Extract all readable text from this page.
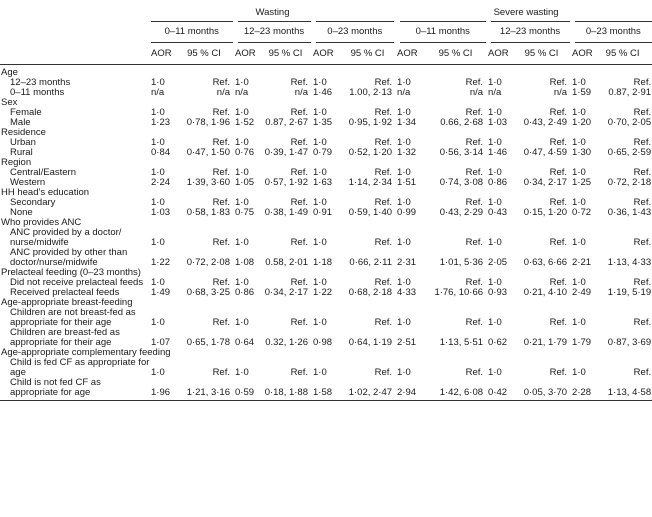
	Wasting						Severe wasting					
	0–11 months		12–23 months		0–23 months		0–11 months		12–23 months		0–23 months	
	AOR	95 % CI	AOR	95 % CI	AOR	95 % CI	AOR	95 % CI	AOR	95 % CI	AOR	95 % CI

Age												
12–23 months	1·0	Ref.	1·0	Ref.	1·0	Ref.	1·0	Ref.	1·0	Ref.	1·0	Ref.
0–11 months	n/a	n/a	n/a	n/a	1·46	1.00, 2·13	n/a	n/a	n/a	n/a	1·59	0.87, 2·91
Sex												
Female	1·0	Ref.	1·0	Ref.	1·0	Ref.	1·0	Ref.	1·0	Ref.	1·0	Ref.
Male	1·23	0·78, 1·96	1·52	0.87, 2·67	1·35	0·95, 1·92	1·34	0.66, 2·68	1·03	0·43, 2·49	1·20	0·70, 2·05
Residence												
Urban	1·0	Ref.	1·0	Ref.	1·0	Ref.	1·0	Ref.	1·0	Ref.	1·0	Ref.
Rural	0·84	0·47, 1·50	0·76	0·39, 1·47	0·79	0·52, 1·20	1·32	0·56, 3·14	1·46	0·47, 4·59	1·30	0·65, 2·59
Region												
Central/Eastern	1·0	Ref.	1·0	Ref.	1·0	Ref.	1·0	Ref.	1·0	Ref.	1·0	Ref.
Western	2·24	1·39, 3·60	1·05	0·57, 1·92	1·63	1·14, 2·34	1·51	0·74, 3·08	0·86	0·34, 2·17	1·25	0·72, 2·18
HH head’s education												
Secondary	1·0	Ref.	1·0	Ref.	1·0	Ref.	1·0	Ref.	1·0	Ref.	1·0	Ref.
None	1·03	0·58, 1·83	0·75	0·38, 1·49	0·91	0·59, 1·40	0·99	0·43, 2·29	0·43	0·15, 1·20	0·72	0·36, 1·43
Who provides ANC												
ANC provided by a doctor/ nurse/midwife	1·0	Ref.	1·0	Ref.	1·0	Ref.	1·0	Ref.	1·0	Ref.	1·0	Ref.
ANC provided by other than doctor/nurse/midwife	1·22	0·72, 2·08	1·08	0.58, 2·01	1·18	0·66, 2·11	2·31	1·01, 5·36	2·05	0·63, 6·66	2·21	1·13, 4·33
Prelacteal feeding (0–23 months)												
Did not receive prelacteal feeds	1·0	Ref.	1·0	Ref.	1·0	Ref.	1·0	Ref.	1·0	Ref.	1·0	Ref.
Received prelacteal feeds	1·49	0·68, 3·25	0·86	0·34, 2·17	1·22	0·68, 2·18	4·33	1·76, 10·66	0·93	0·21, 4·10	2·49	1·19, 5·19
Age-appropriate breast-feeding												
Children are not breast-fed as appropriate for their age	1·0	Ref.	1·0	Ref.	1·0	Ref.	1·0	Ref.	1·0	Ref.	1·0	Ref.
Children are breast-fed as appropriate for their age	1·07	0·65, 1·78	0·64	0.32, 1·26	0·98	0·64, 1·19	2·51	1·13, 5·51	0·62	0·21, 1·79	1·79	0·87, 3·69
Age-appropriate complementary feeding												
Child is fed CF as appropriate for age	1·0	Ref.	1·0	Ref.	1·0	Ref.	1·0	Ref.	1·0	Ref.	1·0	Ref.
Child is not fed CF as appropriate for age	1·96	1·21, 3·16	0·59	0·18, 1·88	1·58	1·02, 2·47	2·94	1·42, 6·08	0·42	0·05, 3·70	2·28	1·13, 4·58
